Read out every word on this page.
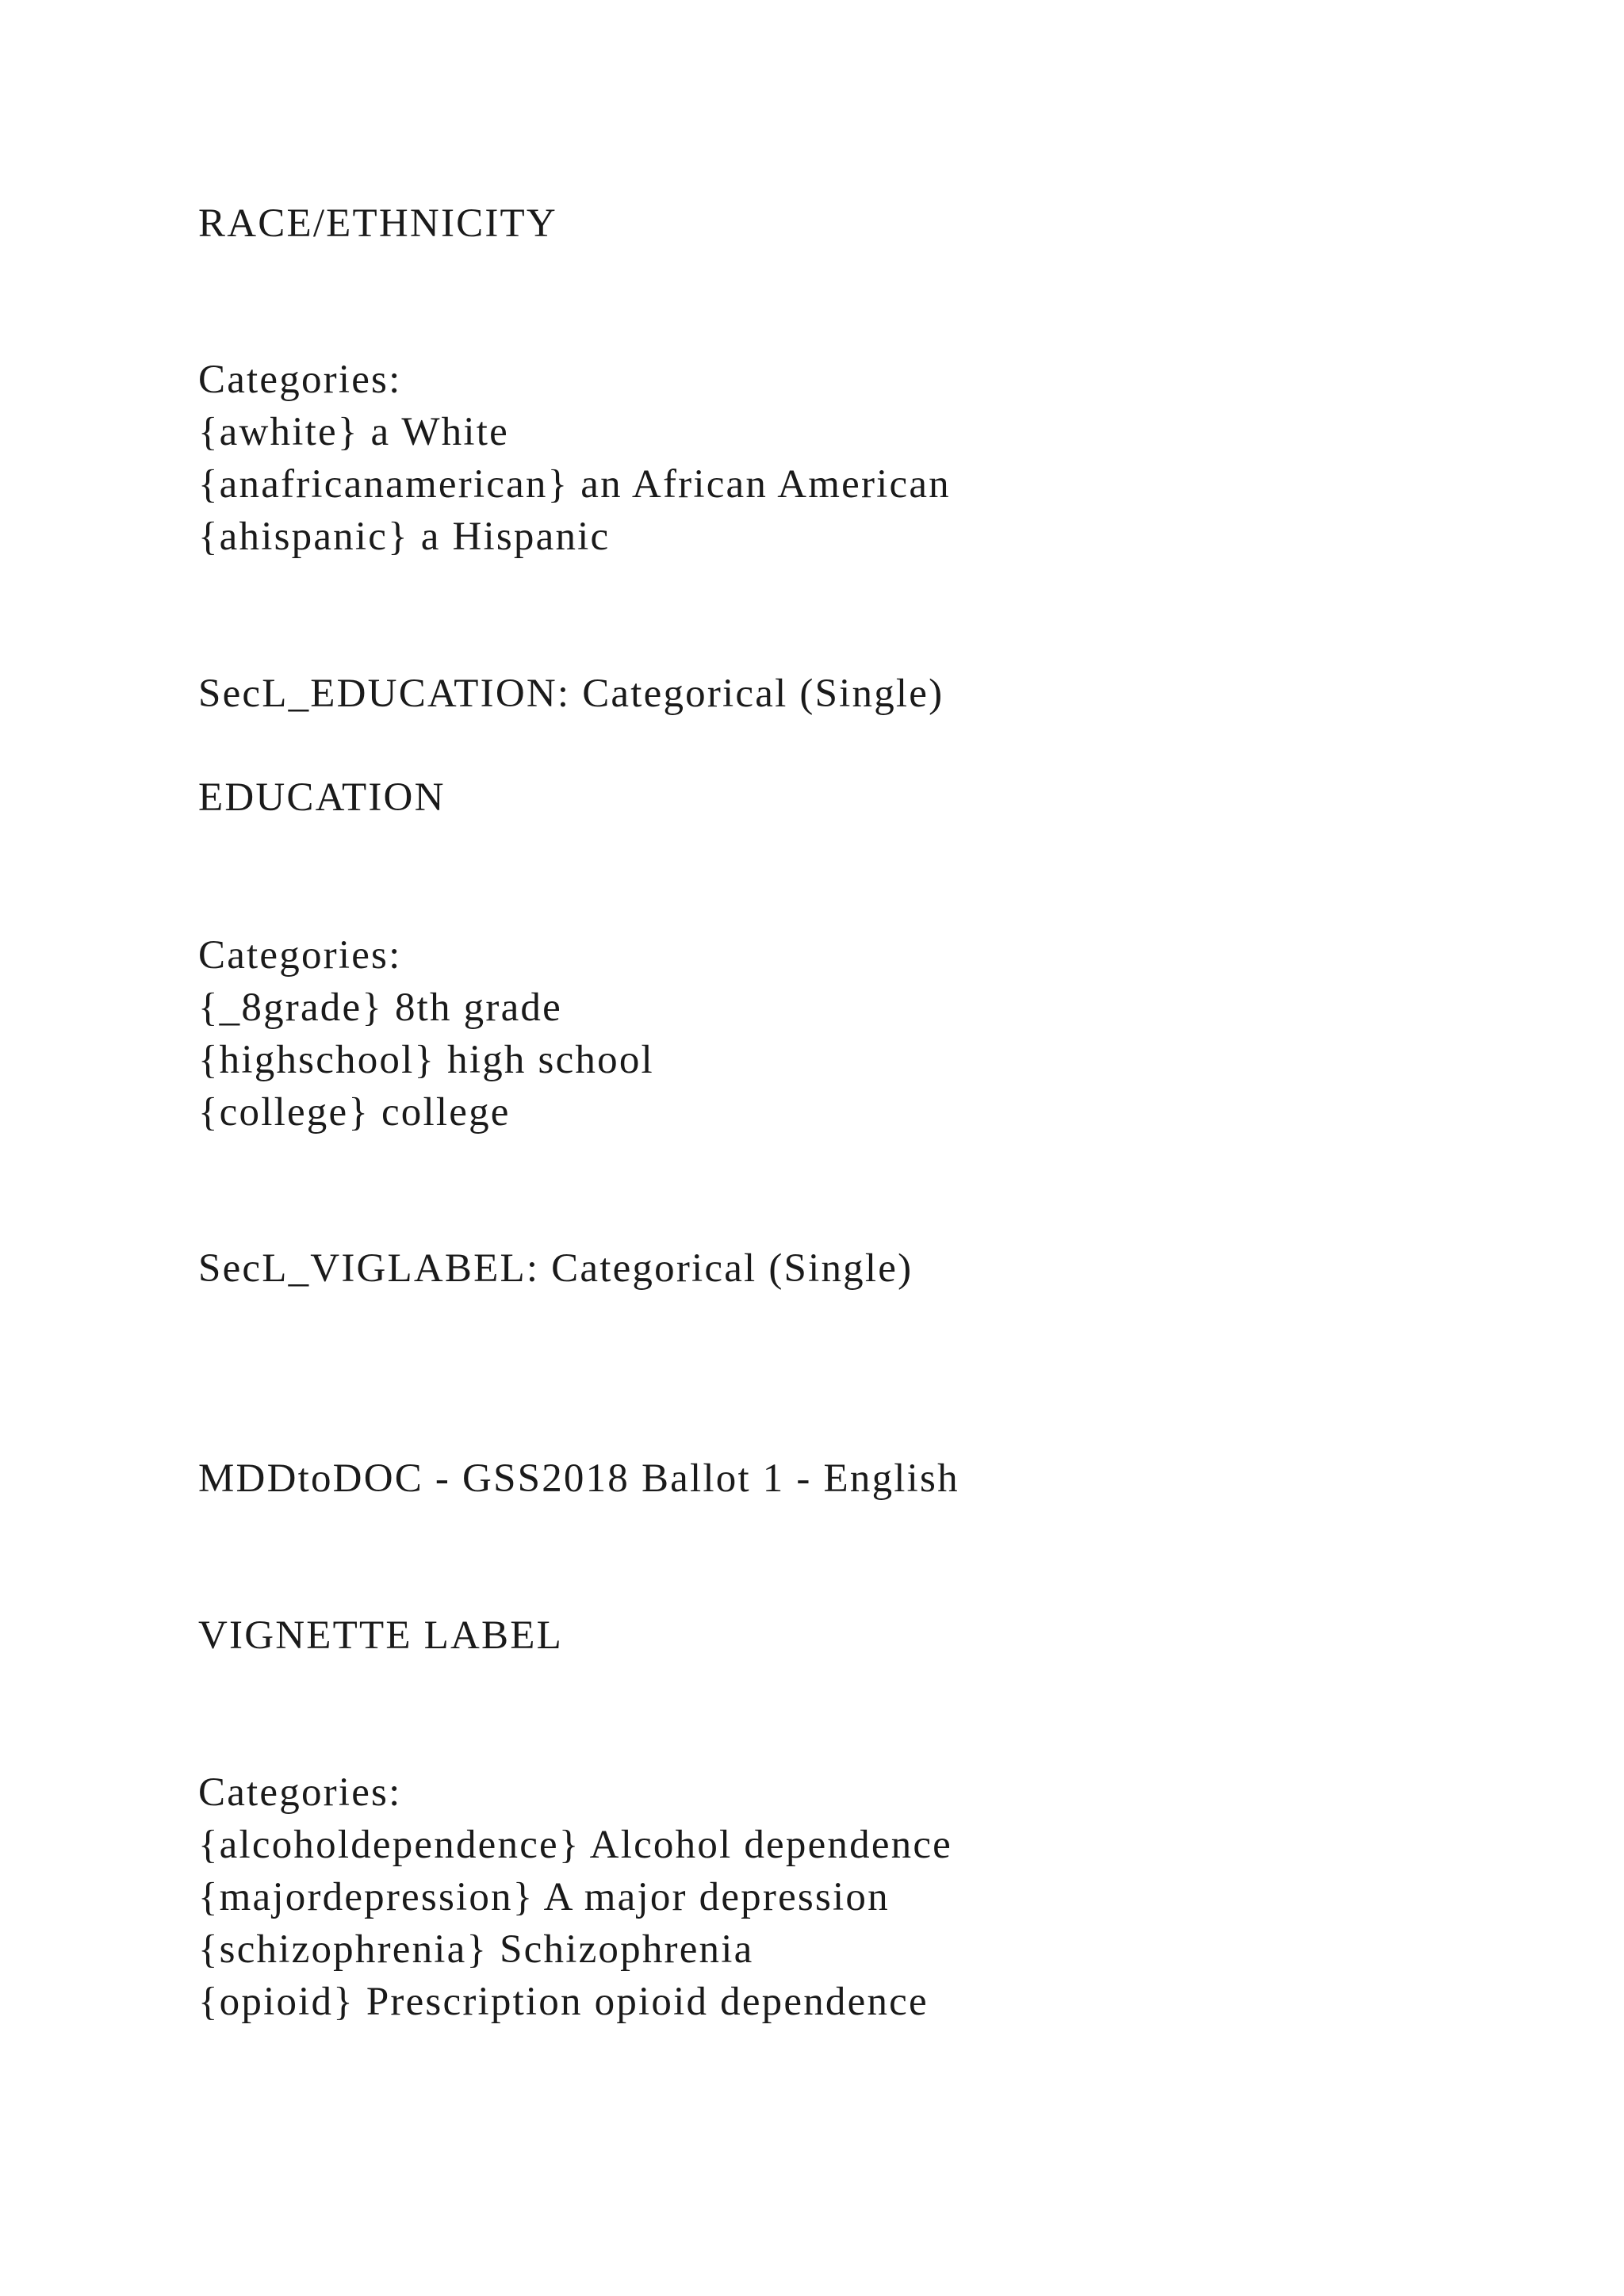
RACE/ETHNICITY

Categories:

{awhite} a White

{anafricanamerican} an African American

{ahispanic} a Hispanic

SecL_EDUCATION: Categorical (Single)

EDUCATION

Categories:

{_8grade} 8th grade

{highschool} high school

{college} college

SecL_VIGLABEL: Categorical (Single)

MDDtoDOC - GSS2018 Ballot 1 - English

VIGNETTE LABEL

Categories:

{alcoholdependence} Alcohol dependence

{majordepression} A major depression

{schizophrenia} Schizophrenia

{opioid} Prescription opioid dependence
